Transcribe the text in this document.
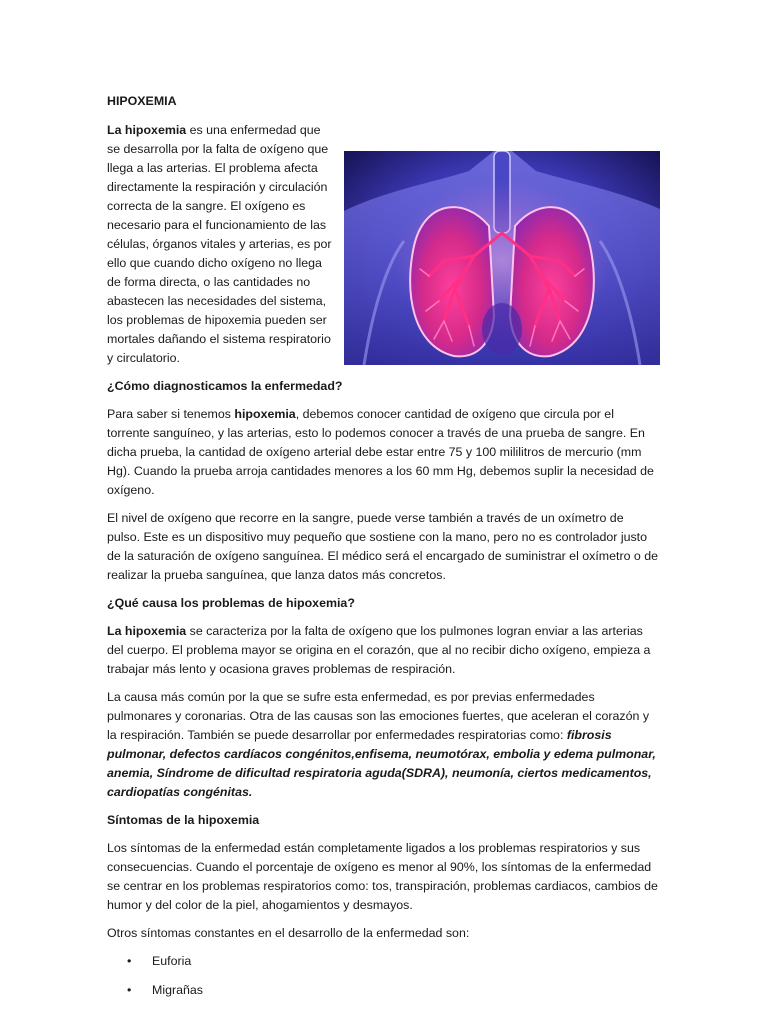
HIPOXEMIA

La hipoxemia es una enfermedad que se desarrolla por la falta de oxígeno que llega a las arterias. El problema afecta directamente la respiración y circulación correcta de la sangre. El oxígeno es necesario para el funcionamiento de las células, órganos vitales y arterias, es por ello que cuando dicho oxígeno no llega de forma directa, o las cantidades no abastecen las necesidades del sistema, los problemas de hipoxemia pueden ser mortales dañando el sistema respiratorio y circulatorio.

¿Cómo diagnosticamos la enfermedad?

Para saber si tenemos hipoxemia, debemos conocer cantidad de oxígeno que circula por el torrente sanguíneo, y las arterias, esto lo podemos conocer a través de una prueba de sangre. En dicha prueba, la cantidad de oxígeno arterial debe estar entre 75 y 100 mililitros de mercurio (mm Hg). Cuando la prueba arroja cantidades menores a los 60 mm Hg, debemos suplir la necesidad de oxígeno.

El nivel de oxígeno que recorre en la sangre, puede verse también a través de un oxímetro de pulso. Este es un dispositivo muy pequeño que sostiene con la mano, pero no es controlador justo de la saturación de oxígeno sanguínea. El médico será el encargado de suministrar el oxímetro o de realizar la prueba sanguínea, que lanza datos más concretos.

¿Qué causa los problemas de hipoxemia?

La hipoxemia se caracteriza por la falta de oxígeno que los pulmones logran enviar a las arterias del cuerpo. El problema mayor se origina en el corazón, que al no recibir dicho oxígeno, empieza a trabajar más lento y ocasiona graves problemas de respiración.

La causa más común por la que se sufre esta enfermedad, es por previas enfermedades pulmonares y coronarias. Otra de las causas son las emociones fuertes, que aceleran el corazón y la respiración. También se puede desarrollar por enfermedades respiratorias como: fibrosis pulmonar, defectos cardíacos congénitos,enfisema, neumotórax, embolia y edema pulmonar, anemia, Síndrome de dificultad respiratoria aguda(SDRA), neumonía, ciertos medicamentos, cardiopatías congénitas.

Síntomas de la hipoxemia

Los síntomas de la enfermedad están completamente ligados a los problemas respiratorios y sus consecuencias. Cuando el porcentaje de oxígeno es menor al 90%, los síntomas de la enfermedad se centrar en los problemas respiratorios como: tos, transpiración, problemas cardiacos, cambios de humor y del color de la piel, ahogamientos y desmayos.

Otros síntomas constantes en el desarrollo de la enfermedad son:

• Euforia
• Migrañas
